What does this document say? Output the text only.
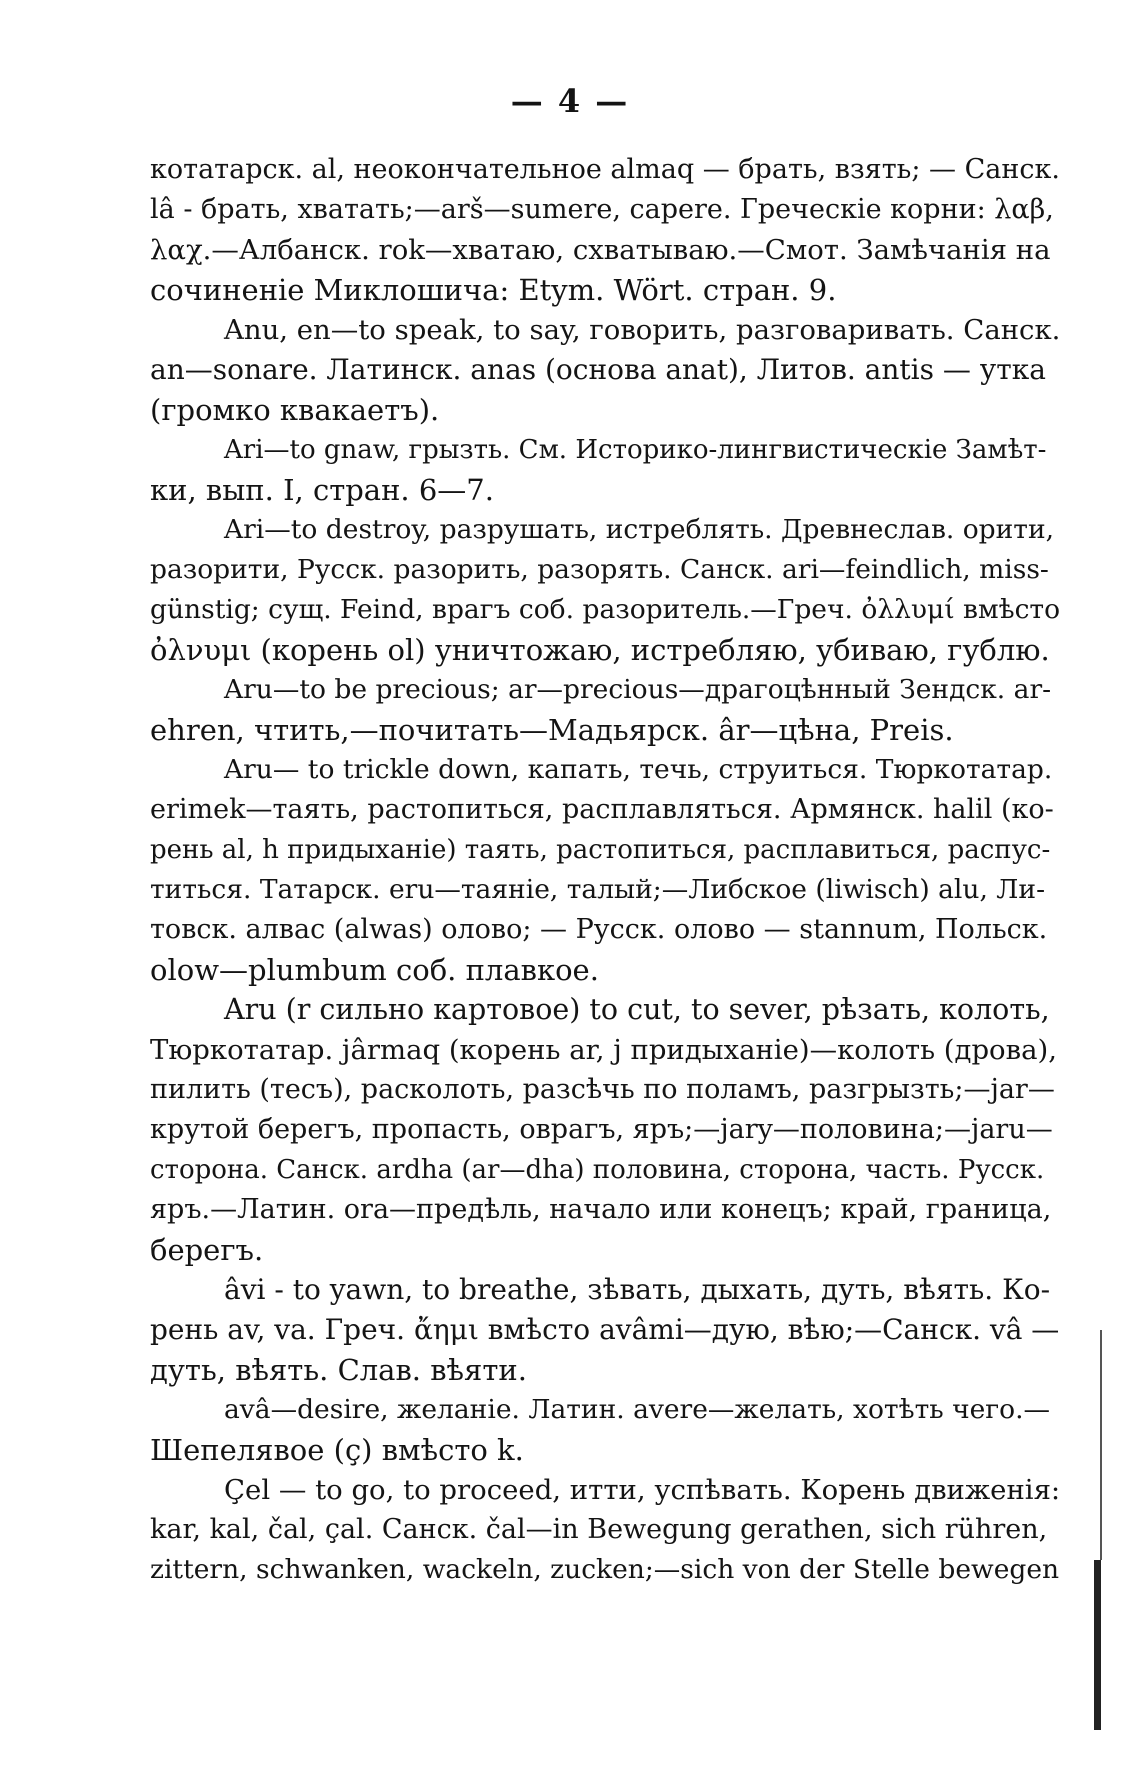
— 4 —
котатарск. al, неокончательное almaq — брать, взять; — Санск.
lâ - брать, хватать;—arš—sumere, capere. Греческiе корни: λαβ,
λαχ.—Албанск. rok—хватаю, схватываю.—Смот. Замѣчанiя на
сочиненiе Миклошича: Etym. Wört. стран. 9.
Anu, en—to speak, to say, говорить, разговаривать. Санск.
an—sonare. Латинск. anas (основа anat), Литов. antis — утка
(громко квакаетъ).
Ari—to gnaw, грызть. См. Историко-лингвистическiе Замѣт-
ки, вып. I, стран. 6—7.
Ari—to destroy, разрушать, истреблять. Древнеслав. орити,
разорити, Русск. разорить, разорять. Санск. ari—feindlich, miss-
günstig; сущ. Feind, врагъ соб. разоритель.—Греч. ὀλλυμί вмѣсто
ὀλνυμι (корень ol) уничтожаю, истребляю, убиваю, гублю.
Aru—to be precious; ar—precious—драгоцѣнный Зендск. ar-
ehren, чтить,—почитать—Мадьярск. âr—цѣна, Preis.
Aru— to trickle down, капать, течь, струиться. Тюркотатар.
erimek—таять, растопиться, расплавляться. Армянск. halil (ко-
рень al, h придыханiе) таять, растопиться, расплавиться, распус-
титься. Татарск. eru—таянiе, талый;—Либское (liwisch) alu, Ли-
товск. алвас (alwas) олово; — Русск. олово — stannum, Польск.
olow—plumbum соб. плавкое.
Aru (r сильно картовое) to cut, to sever, рѣзать, колоть,
Тюркотатар. jârmaq (корень ar, j придыханiе)—колоть (дрова),
пилить (тесъ), расколоть, разсѣчь по поламъ, разгрызть;—jar—
крутой берегъ, пропасть, оврагъ, яръ;—jary—половина;—jaru—
сторона. Санск. ardha (ar—dha) половина, сторона, часть. Русск.
яръ.—Латин. ora—предѣль, начало или конецъ; край, граница,
берегъ.
âvi - to yawn, to breathe, зѣвать, дыхать, дуть, вѣять. Ко-
рень av, va. Греч. ἄημι вмѣсто avâmi—дую, вѣю;—Санск. vâ —
дуть, вѣять. Слав. вѣяти.
avâ—desire, желанiе. Латин. avere—желать, хотѣть чего.—
Шепелявое (ç) вмѣсто k.
Çel — to go, to proceed, итти, успѣвать. Корень движенiя:
kar, kal, čal, çal. Санск. čal—in Bewegung gerathen, sich rühren,
zittern, schwanken, wackeln, zucken;—sich von der Stelle bewegen
